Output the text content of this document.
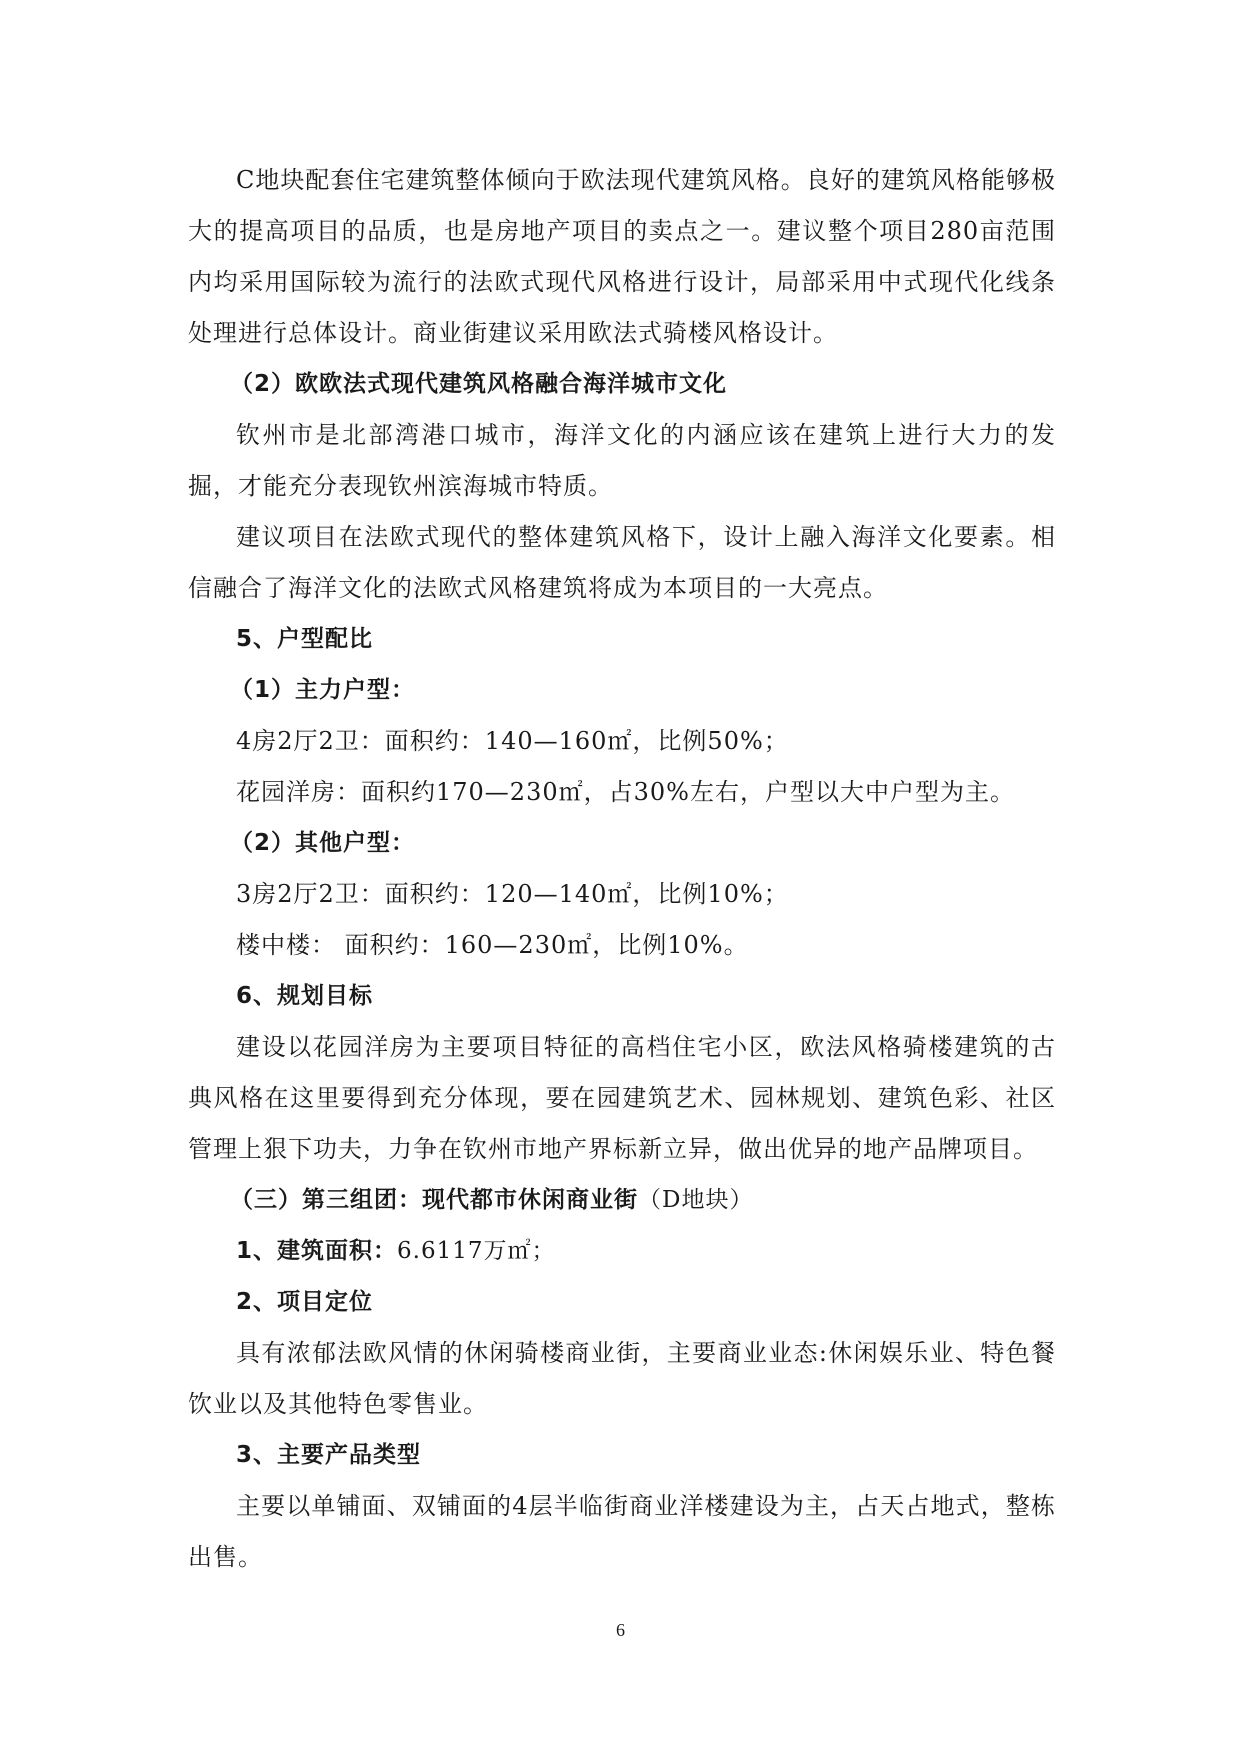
C地块配套住宅建筑整体倾向于欧法现代建筑风格。良好的建筑风格能够极大的提高项目的品质，也是房地产项目的卖点之一。建议整个项目280亩范围内均采用国际较为流行的法欧式现代风格进行设计，局部采用中式现代化线条处理进行总体设计。商业街建议采用欧法式骑楼风格设计。

（2）欧欧法式现代建筑风格融合海洋城市文化

钦州市是北部湾港口城市，海洋文化的内涵应该在建筑上进行大力的发掘，才能充分表现钦州滨海城市特质。

建议项目在法欧式现代的整体建筑风格下，设计上融入海洋文化要素。相信融合了海洋文化的法欧式风格建筑将成为本项目的一大亮点。

5、户型配比

（1）主力户型：

4房2厅2卫：面积约：140—160㎡，比例50%；

花园洋房：面积约170—230㎡，占30%左右，户型以大中户型为主。

（2）其他户型：

3房2厅2卫：面积约：120—140㎡，比例10%；

楼中楼： 面积约：160—230㎡，比例10%。

6、规划目标

建设以花园洋房为主要项目特征的高档住宅小区，欧法风格骑楼建筑的古典风格在这里要得到充分体现，要在园建筑艺术、园林规划、建筑色彩、社区管理上狠下功夫，力争在钦州市地产界标新立异，做出优异的地产品牌项目。

（三）第三组团：现代都市休闲商业街（D地块）

1、建筑面积：6.6117万㎡；

2、项目定位

具有浓郁法欧风情的休闲骑楼商业街，主要商业业态:休闲娱乐业、特色餐饮业以及其他特色零售业。

3、主要产品类型

主要以单铺面、双铺面的4层半临街商业洋楼建设为主，占天占地式，整栋出售。

6
